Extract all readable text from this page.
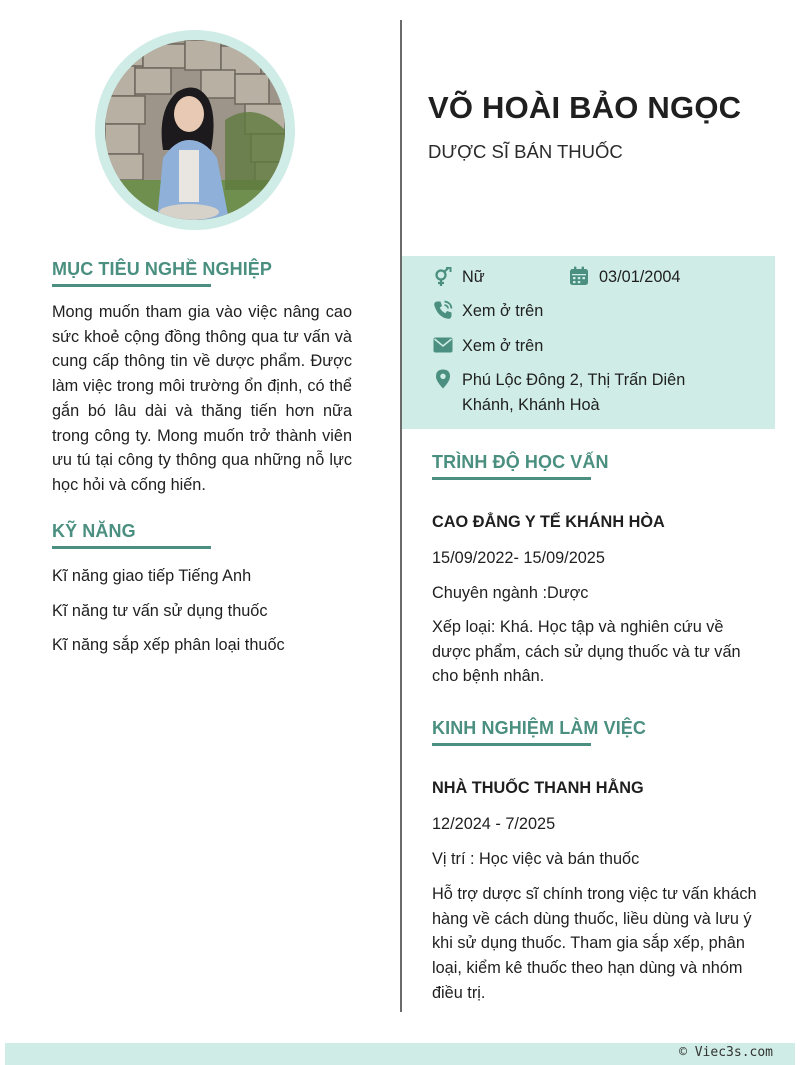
MỤC TIÊU NGHỀ NGHIỆP
Mong muốn tham gia vào việc nâng cao sức khoẻ cộng đồng thông qua tư vấn và cung cấp thông tin về dược phẩm. Được làm việc trong môi trường ổn định, có thể gắn bó lâu dài và thăng tiến hơn nữa trong công ty. Mong muốn trở thành viên ưu tú tại công ty thông qua những nỗ lực học hỏi và cống hiến.
KỸ NĂNG
Kĩ năng giao tiếp Tiếng Anh
Kĩ năng tư vấn sử dụng thuốc
Kĩ năng sắp xếp phân loại thuốc
VÕ HOÀI BẢO NGỌC
DƯỢC SĨ BÁN THUỐC
Nữ	03/01/2004
Xem ở trên
Xem ở trên
Phú Lộc Đông 2, Thị Trấn Diên
Khánh, Khánh Hoà
TRÌNH ĐỘ HỌC VẤN
CAO ĐẲNG Y TẾ KHÁNH HÒA
15/09/2022- 15/09/2025
Chuyên ngành :Dược
Xếp loại: Khá. Học tập và nghiên cứu về dược phẩm, cách sử dụng thuốc và tư vấn cho bệnh nhân.
KINH NGHIỆM LÀM VIỆC
NHÀ THUỐC THANH HẰNG
12/2024 - 7/2025
Vị trí : Học việc và bán thuốc
Hỗ trợ dược sĩ chính trong việc tư vấn khách hàng về cách dùng thuốc, liều dùng và lưu ý khi sử dụng thuốc. Tham gia sắp xếp, phân loại, kiểm kê thuốc theo hạn dùng và nhóm điều trị.
© Viec3s.com
